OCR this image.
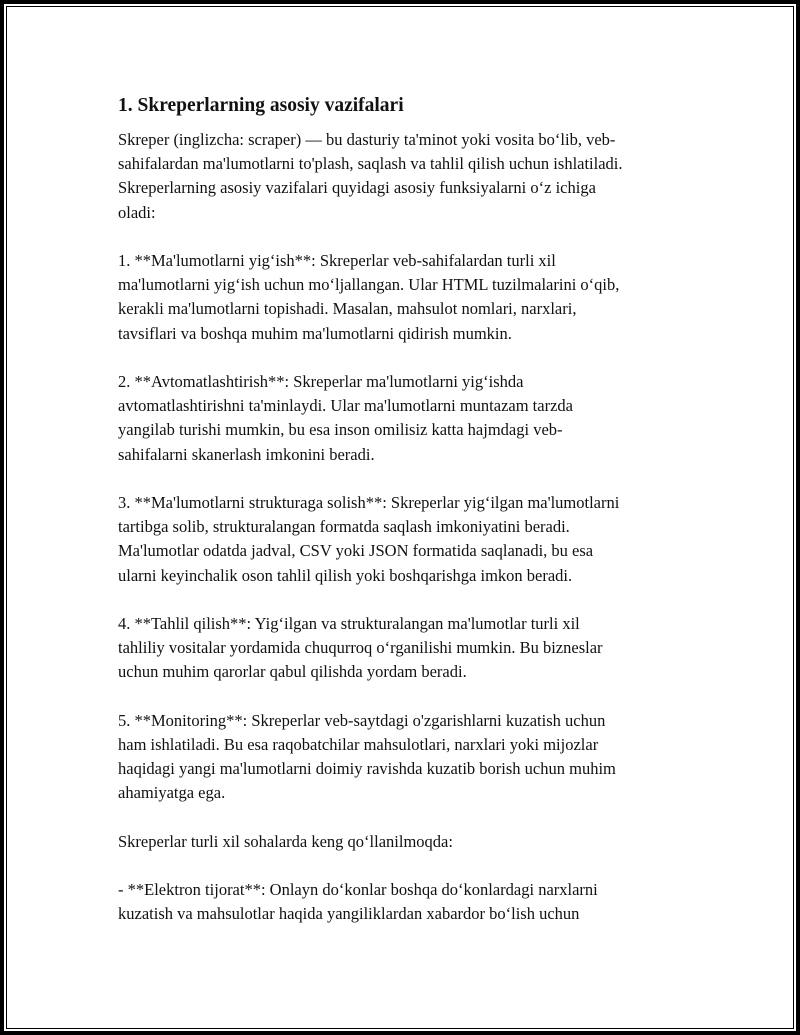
1. Skreperlarning asosiy vazifalari
Skreper (inglizcha: scraper) — bu dasturiy ta'minot yoki vosita bo‘lib, veb-
sahifalardan ma'lumotlarni to'plash, saqlash va tahlil qilish uchun ishlatiladi.
Skreperlarning asosiy vazifalari quyidagi asosiy funksiyalarni o‘z ichiga
oladi:
1. **Ma'lumotlarni yig‘ish**: Skreperlar veb-sahifalardan turli xil
ma'lumotlarni yig‘ish uchun mo‘ljallangan. Ular HTML tuzilmalarini o‘qib,
kerakli ma'lumotlarni topishadi. Masalan, mahsulot nomlari, narxlari,
tavsiflari va boshqa muhim ma'lumotlarni qidirish mumkin.
2. **Avtomatlashtirish**: Skreperlar ma'lumotlarni yig‘ishda
avtomatlashtirishni ta'minlaydi. Ular ma'lumotlarni muntazam tarzda
yangilab turishi mumkin, bu esa inson omilisiz katta hajmdagi veb-
sahifalarni skanerlash imkonini beradi.
3. **Ma'lumotlarni strukturaga solish**: Skreperlar yig‘ilgan ma'lumotlarni
tartibga solib, strukturalangan formatda saqlash imkoniyatini beradi.
Ma'lumotlar odatda jadval, CSV yoki JSON formatida saqlanadi, bu esa
ularni keyinchalik oson tahlil qilish yoki boshqarishga imkon beradi.
4. **Tahlil qilish**: Yig‘ilgan va strukturalangan ma'lumotlar turli xil
tahliliy vositalar yordamida chuqurroq o‘rganilishi mumkin. Bu bizneslar
uchun muhim qarorlar qabul qilishda yordam beradi.
5. **Monitoring**: Skreperlar veb-saytdagi o'zgarishlarni kuzatish uchun
ham ishlatiladi. Bu esa raqobatchilar mahsulotlari, narxlari yoki mijozlar
haqidagi yangi ma'lumotlarni doimiy ravishda kuzatib borish uchun muhim
ahamiyatga ega.
Skreperlar turli xil sohalarda keng qo‘llanilmoqda:
- **Elektron tijorat**: Onlayn do‘konlar boshqa do‘konlardagi narxlarni
kuzatish va mahsulotlar haqida yangiliklardan xabardor bo‘lish uchun
